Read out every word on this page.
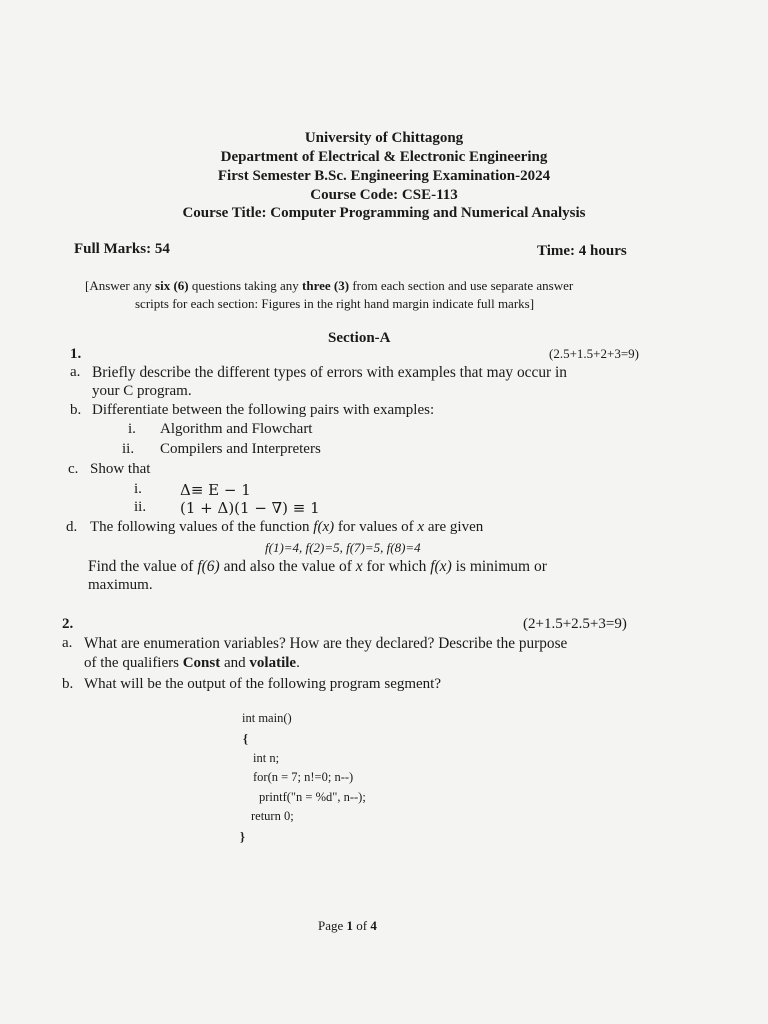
University of Chittagong
Department of Electrical & Electronic Engineering
First Semester B.Sc. Engineering Examination-2024
Course Code: CSE-113
Course Title: Computer Programming and Numerical Analysis
Full Marks: 54	Time: 4 hours
[Answer any six (6) questions taking any three (3) from each section and use separate answer
scripts for each section: Figures in the right hand margin indicate full marks]
Section-A
1.	(2.5+1.5+2+3=9)
a. Briefly describe the different types of errors with examples that may occur in
your C program.
b. Differentiate between the following pairs with examples:
i. Algorithm and Flowchart
ii. Compilers and Interpreters
c. Show that
i.	Δ≡ E − 1
ii. (1 + Δ)(1 − ∇) ≡ 1
d. The following values of the function f(x) for values of x are given
f(1)=4, f(2)=5, f(7)=5, f(8)=4
Find the value of f(6) and also the value of x for which f(x) is minimum or
maximum.
2.	(2+1.5+2.5+3=9)
a. What are enumeration variables? How are they declared? Describe the purpose
of the qualifiers Const and volatile.
b. What will be the output of the following program segment?
int main()
{
int n;
for(n = 7; n!=0; n--)
printf("n = %d", n--);
return 0;
}
Page 1 of 4
